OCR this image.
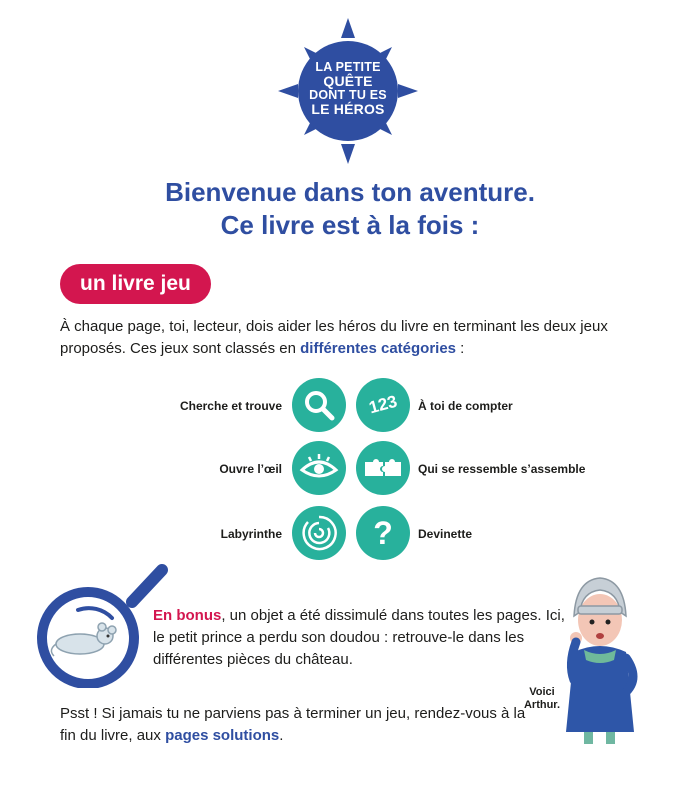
LA PETITE
QUÊTE
DONT TU ES
LE HÉROS
Bienvenue dans ton aventure.
Ce livre est à la fois :
un livre jeu
À chaque page, toi, lecteur, dois aider les héros du livre en terminant les deux jeux proposés. Ces jeux sont classés en différentes catégories :
Cherche et trouve	123 À toi de compter
Ouvre l’œil	Qui se ressemble s’assemble
Labyrinthe	? Devinette
En bonus, un objet a été dissimulé dans toutes les pages. Ici, le petit prince a perdu son doudou : retrouve-le dans les différentes pièces du château.
Psst ! Si jamais tu ne parviens pas à terminer un jeu, rendez-vous à la fin du livre, aux pages solutions.
Voici
Arthur.
